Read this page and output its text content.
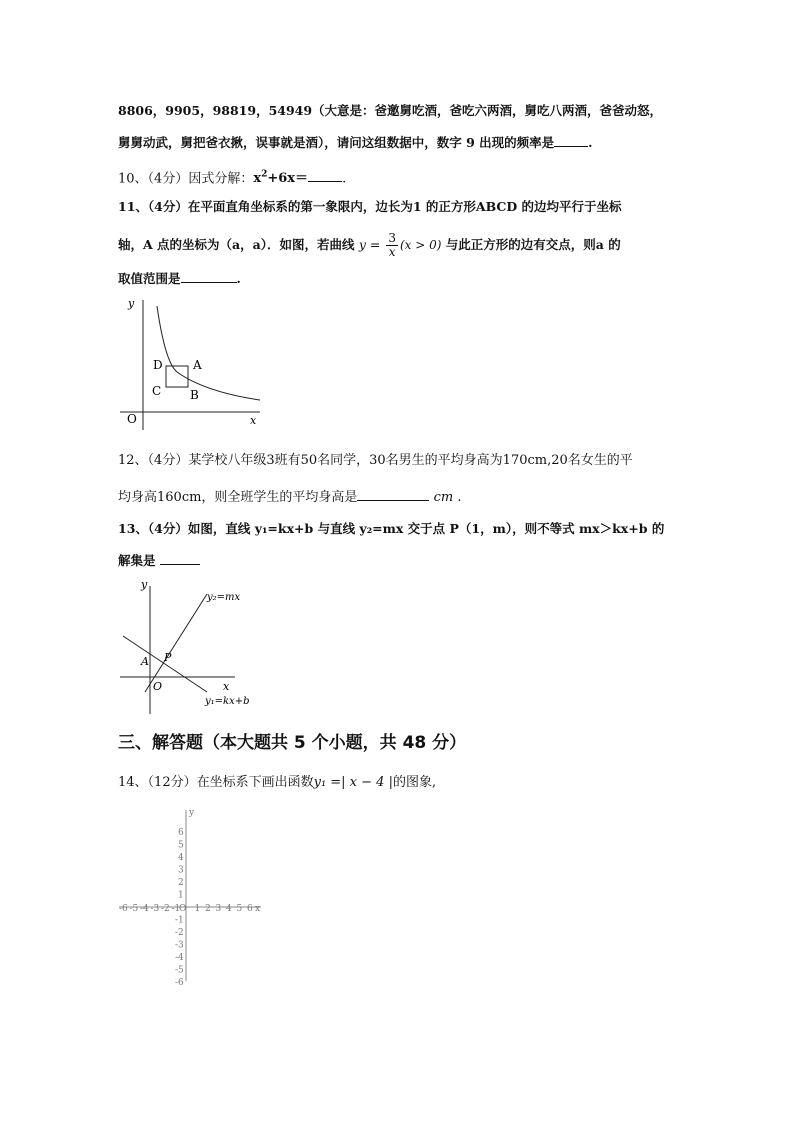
8806，9905，98819，54949（大意是：爸邀舅吃酒，爸吃六两酒，舅吃八两酒，爸爸动怒，
舅舅动武，舅把爸衣揪，误事就是酒），请问这组数据中，数字 9 出现的频率是	.
10、（4分）因式分解：$x^2+6x=$	.
11、（4分）在平面直角坐标系的第一象限内，边长为1 的正方形ABCD 的边均平行于坐标
轴，A 点的坐标为（a，a）．如图，若曲线 $y = \frac{3}{x} (x > 0)$ 与此正方形的边有交点，则a 的
取值范围是	.
y
x
O
A
B
C
D
12、（4分）某学校八年级3班有50名同学，30名男生的平均身高为170cm,20名女生的平
均身高160cm，则全班学生的平均身高是	cm .
13、（4分）如图，直线 y₁=kx+b 与直线 y₂=mx 交于点 P（1，m），则不等式 mx＞kx+b 的
解集是
y
x
O
A P
y₂=mx
y₁=kx+b
三、解答题（本大题共 5 个小题，共 48 分）
14、（12分）在坐标系下画出函数y₁ =| x − 4 |的图象,
-6 -5 -4 -3 -2 -1 1 2 3 4 5 6
6
5
4
3
2
1
-1
-2
-3
-4
-5
-6
O	x
y
